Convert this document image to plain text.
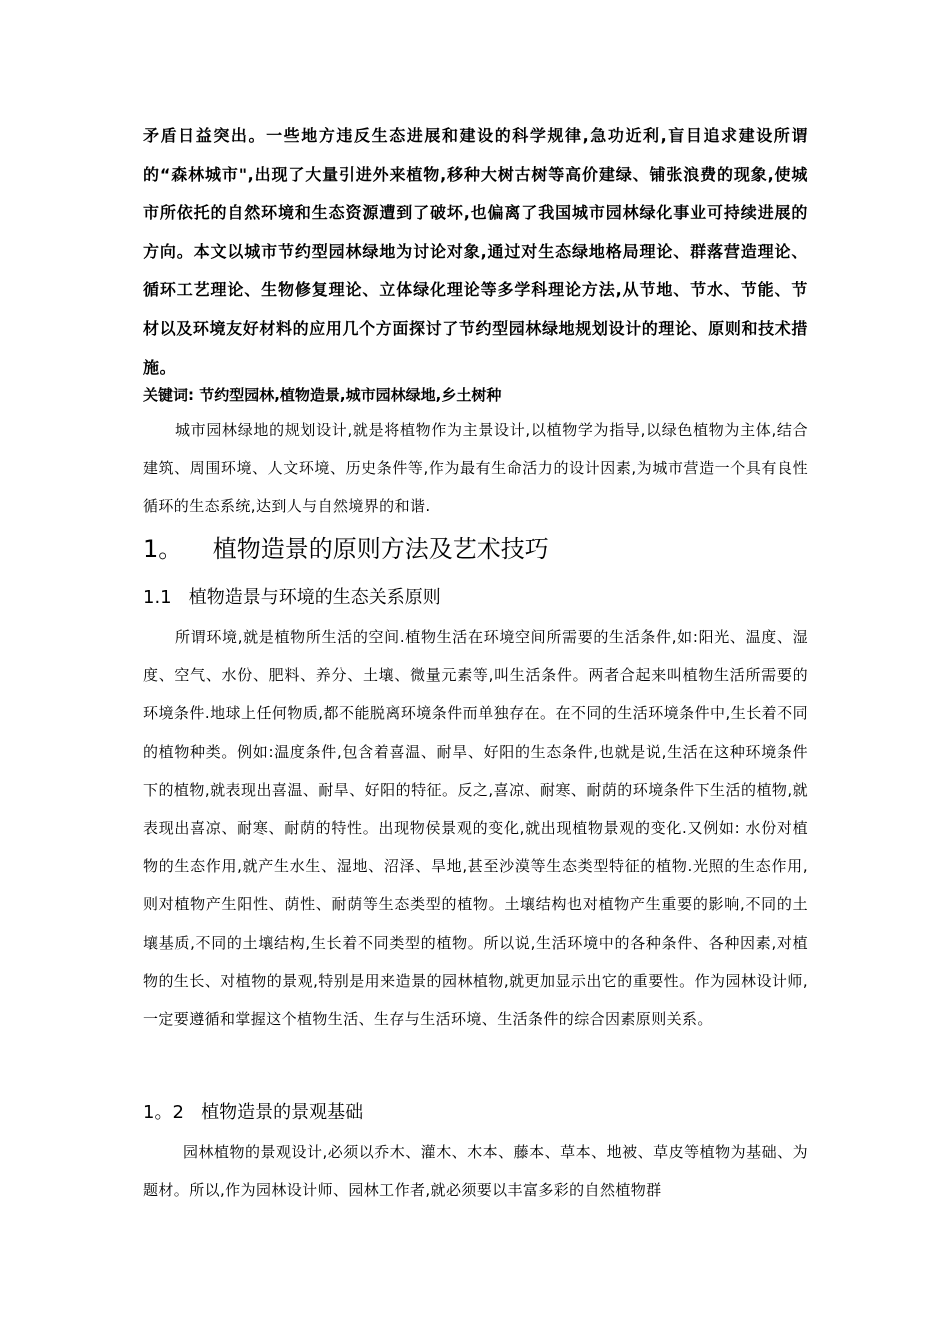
矛盾日益突出。一些地方违反生态进展和建设的科学规律,急功近利,盲目追求建设所谓的“森林城市",出现了大量引进外来植物,移种大树古树等高价建绿、铺张浪费的现象,使城市所依托的自然环境和生态资源遭到了破坏,也偏离了我国城市园林绿化事业可持续进展的方向。本文以城市节约型园林绿地为讨论对象,通过对生态绿地格局理论、群落营造理论、循环工艺理论、生物修复理论、立体绿化理论等多学科理论方法,从节地、节水、节能、节材以及环境友好材料的应用几个方面探讨了节约型园林绿地规划设计的理论、原则和技术措施。
关键词: 节约型园林,植物造景,城市园林绿地,乡土树种
城市园林绿地的规划设计,就是将植物作为主景设计,以植物学为指导,以绿色植物为主体,结合建筑、周围环境、人文环境、历史条件等,作为最有生命活力的设计因素,为城市营造一个具有良性循环的生态系统,达到人与自然境界的和谐.
1。    植物造景的原则方法及艺术技巧
1.1   植物造景与环境的生态关系原则
所谓环境,就是植物所生活的空间.植物生活在环境空间所需要的生活条件,如:阳光、温度、湿度、空气、水份、肥料、养分、土壤、微量元素等,叫生活条件。两者合起来叫植物生活所需要的环境条件.地球上任何物质,都不能脱离环境条件而单独存在。在不同的生活环境条件中,生长着不同的植物种类。例如:温度条件,包含着喜温、耐旱、好阳的生态条件,也就是说,生活在这种环境条件下的植物,就表现出喜温、耐旱、好阳的特征。反之,喜凉、耐寒、耐荫的环境条件下生活的植物,就表现出喜凉、耐寒、耐荫的特性。出现物侯景观的变化,就出现植物景观的变化.又例如: 水份对植物的生态作用,就产生水生、湿地、沼泽、旱地,甚至沙漠等生态类型特征的植物.光照的生态作用,则对植物产生阳性、荫性、耐荫等生态类型的植物。土壤结构也对植物产生重要的影响,不同的土壤基质,不同的土壤结构,生长着不同类型的植物。所以说,生活环境中的各种条件、各种因素,对植物的生长、对植物的景观,特别是用来造景的园林植物,就更加显示出它的重要性。作为园林设计师,一定要遵循和掌握这个植物生活、生存与生活环境、生活条件的综合因素原则关系。
1。2   植物造景的景观基础
园林植物的景观设计,必须以乔木、灌木、木本、藤本、草本、地被、草皮等植物为基础、为题材。所以,作为园林设计师、园林工作者,就必须要以丰富多彩的自然植物群
